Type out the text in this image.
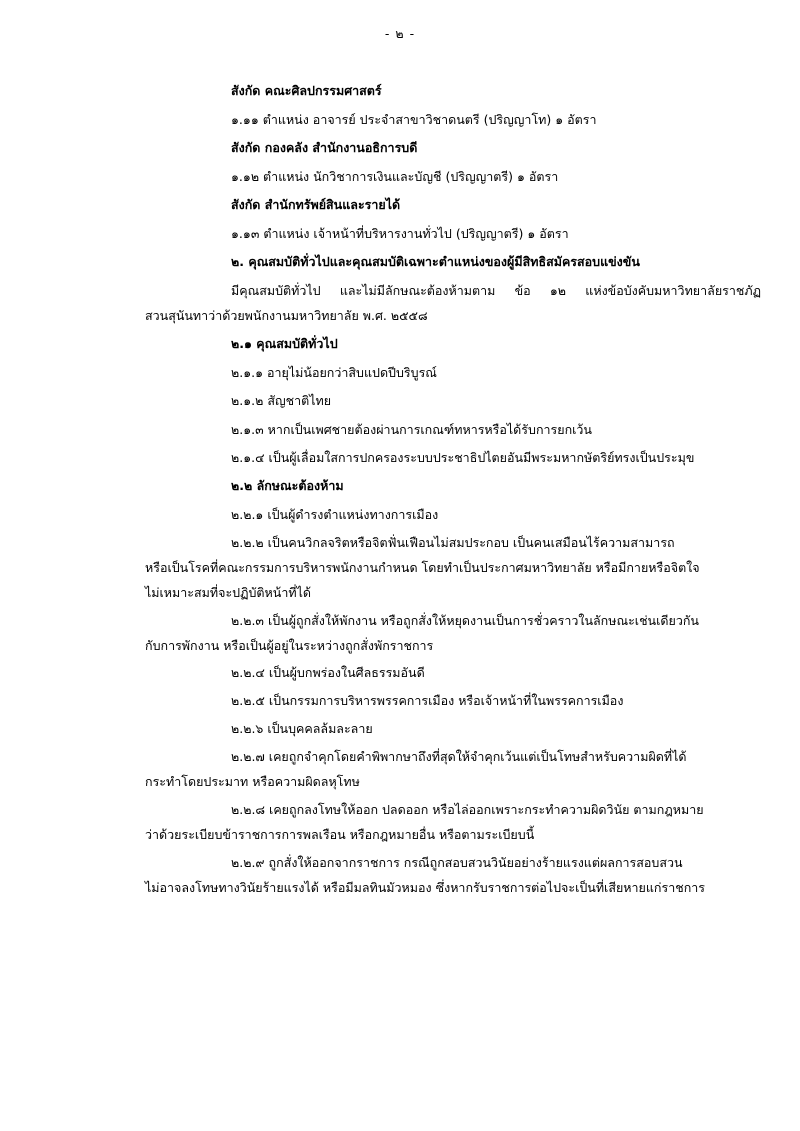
- ๒ -
สังกัด คณะศิลปกรรมศาสตร์
๑.๑๑ ตำแหน่ง อาจารย์ ประจำสาขาวิชาดนตรี (ปริญญาโท) ๑ อัตรา
สังกัด กองคลัง สำนักงานอธิการบดี
๑.๑๒ ตำแหน่ง นักวิชาการเงินและบัญชี (ปริญญาตรี) ๑ อัตรา
สังกัด สำนักทรัพย์สินและรายได้
๑.๑๓ ตำแหน่ง เจ้าหน้าที่บริหารงานทั่วไป (ปริญญาตรี) ๑ อัตรา
๒. คุณสมบัติทั่วไปและคุณสมบัติเฉพาะตำแหน่งของผู้มีสิทธิสมัครสอบแข่งขัน
มีคุณสมบัติทั่วไป และไม่มีลักษณะต้องห้ามตาม ข้อ ๑๒ แห่งข้อบังคับมหาวิทยาลัยราชภัฏ
สวนสุนันทาว่าด้วยพนักงานมหาวิทยาลัย พ.ศ. ๒๕๕๘
๒.๑ คุณสมบัติทั่วไป
๒.๑.๑ อายุไม่น้อยกว่าสิบแปดปีบริบูรณ์
๒.๑.๒ สัญชาติไทย
๒.๑.๓ หากเป็นเพศชายต้องผ่านการเกณฑ์ทหารหรือได้รับการยกเว้น
๒.๑.๔ เป็นผู้เลื่อมใสการปกครองระบบประชาธิปไตยอันมีพระมหากษัตริย์ทรงเป็นประมุข
๒.๒ ลักษณะต้องห้าม
๒.๒.๑ เป็นผู้ดำรงตำแหน่งทางการเมือง
๒.๒.๒ เป็นคนวิกลจริตหรือจิตฟั่นเฟือนไม่สมประกอบ เป็นคนเสมือนไร้ความสามารถ
หรือเป็นโรคที่คณะกรรมการบริหารพนักงานกำหนด โดยทำเป็นประกาศมหาวิทยาลัย หรือมีกายหรือจิตใจ
ไม่เหมาะสมที่จะปฏิบัติหน้าที่ได้
๒.๒.๓ เป็นผู้ถูกสั่งให้พักงาน หรือถูกสั่งให้หยุดงานเป็นการชั่วคราวในลักษณะเช่นเดียวกัน
กับการพักงาน หรือเป็นผู้อยู่ในระหว่างถูกสั่งพักราชการ
๒.๒.๔ เป็นผู้บกพร่องในศีลธรรมอันดี
๒.๒.๕ เป็นกรรมการบริหารพรรคการเมือง หรือเจ้าหน้าที่ในพรรคการเมือง
๒.๒.๖ เป็นบุคคลล้มละลาย
๒.๒.๗ เคยถูกจำคุกโดยคำพิพากษาถึงที่สุดให้จำคุกเว้นแต่เป็นโทษสำหรับความผิดที่ได้
กระทำโดยประมาท หรือความผิดลหุโทษ
๒.๒.๘ เคยถูกลงโทษให้ออก ปลดออก หรือไล่ออกเพราะกระทำความผิดวินัย ตามกฎหมาย
ว่าด้วยระเบียบข้าราชการการพลเรือน หรือกฎหมายอื่น หรือตามระเบียบนี้
๒.๒.๙ ถูกสั่งให้ออกจากราชการ กรณีถูกสอบสวนวินัยอย่างร้ายแรงแต่ผลการสอบสวน
ไม่อาจลงโทษทางวินัยร้ายแรงได้ หรือมีมลทินมัวหมอง ซึ่งหากรับราชการต่อไปจะเป็นที่เสียหายแก่ราชการ
